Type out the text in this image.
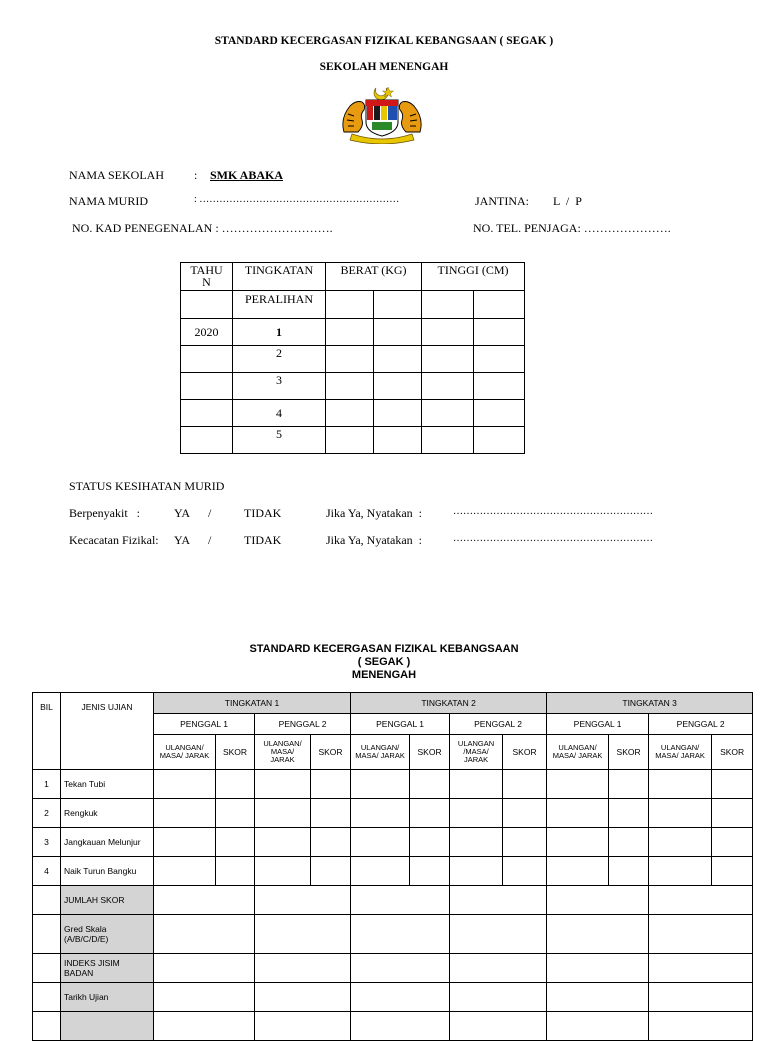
STANDARD KECERGASAN FIZIKAL KEBANGSAAN ( SEGAK )
SEKOLAH MENENGAH
NAMA SEKOLAH : SMK ABAKA
NAMA MURID	: ……………………………………………………	JANTINA: L  /  P
NO. KAD PENEGENALAN : ……………………….	NO. TEL. PENJAGA: ………………….
TAHUN	TINGKATAN	BERAT (KG)		TINGGI (CM)	
	PERALIHAN				
2020	1				
	2				
	3				
	4				
	5				
STATUS KESIHATAN MURID
Berpenyakit   :	YA /	TIDAK	Jika Ya, Nyatakan  :	……………………………………………………
Kecacatan Fizikal: YA /	TIDAK	Jika Ya, Nyatakan  :	……………………………………………………
STANDARD KECERGASAN FIZIKAL KEBANGSAAN
( SEGAK )
MENENGAH
BIL	JENIS UJIAN	TINGKATAN 1				TINGKATAN 2				TINGKATAN 3			
		PENGGAL 1		PENGGAL 2		PENGGAL 1		PENGGAL 2		PENGGAL 1		PENGGAL 2	
		ULANGAN/ MASA/ JARAK	SKOR	ULANGAN/ MASA/ JARAK	SKOR	ULANGAN/ MASA/ JARAK	SKOR	ULANGAN /MASA/ JARAK	SKOR	ULANGAN/ MASA/ JARAK	SKOR	ULANGAN/ MASA/ JARAK	SKOR
1	Tekan Tubi												
2	Rengkuk												
3	Jangkauan Melunjur												
4	Naik Turun Bangku												
	JUMLAH SKOR												
	Gred Skala (A/B/C/D/E)												
	INDEKS JISIM BADAN												
	Tarikh Ujian												
